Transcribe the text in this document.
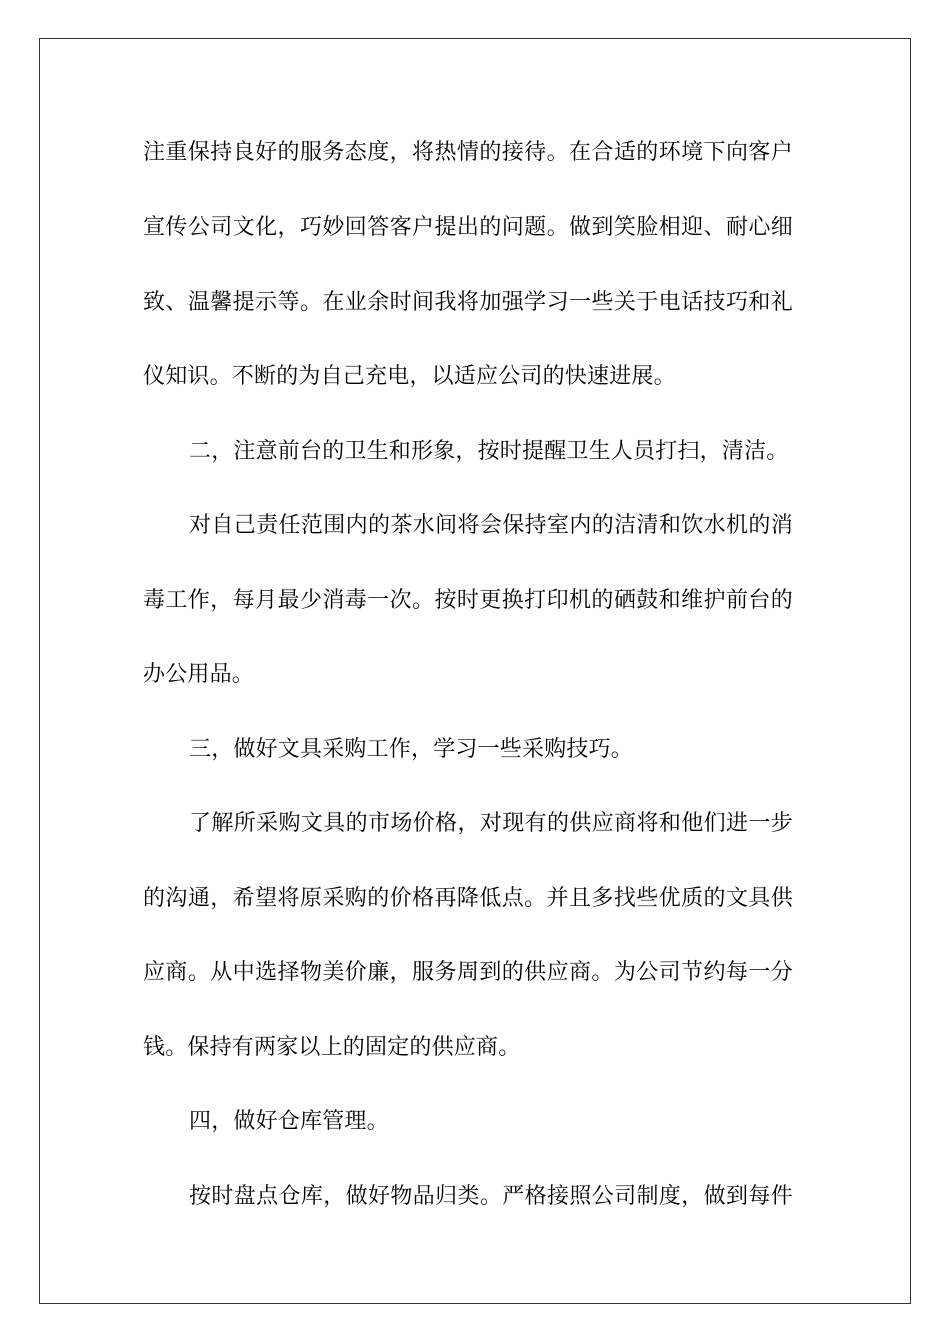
注重保持良好的服务态度，将热情的接待。在合适的环境下向客户
宣传公司文化，巧妙回答客户提出的问题。做到笑脸相迎、耐心细
致、温馨提示等。在业余时间我将加强学习一些关于电话技巧和礼
仪知识。不断的为自己充电，以适应公司的快速进展。
二，注意前台的卫生和形象，按时提醒卫生人员打扫，清洁。
对自己责任范围内的茶水间将会保持室内的洁清和饮水机的消
毒工作，每月最少消毒一次。按时更换打印机的硒鼓和维护前台的
办公用品。
三，做好文具采购工作，学习一些采购技巧。
了解所采购文具的市场价格，对现有的供应商将和他们进一步
的沟通，希望将原采购的价格再降低点。并且多找些优质的文具供
应商。从中选择物美价廉，服务周到的供应商。为公司节约每一分
钱。保持有两家以上的固定的供应商。
四，做好仓库管理。
按时盘点仓库，做好物品归类。严格接照公司制度，做到每件
